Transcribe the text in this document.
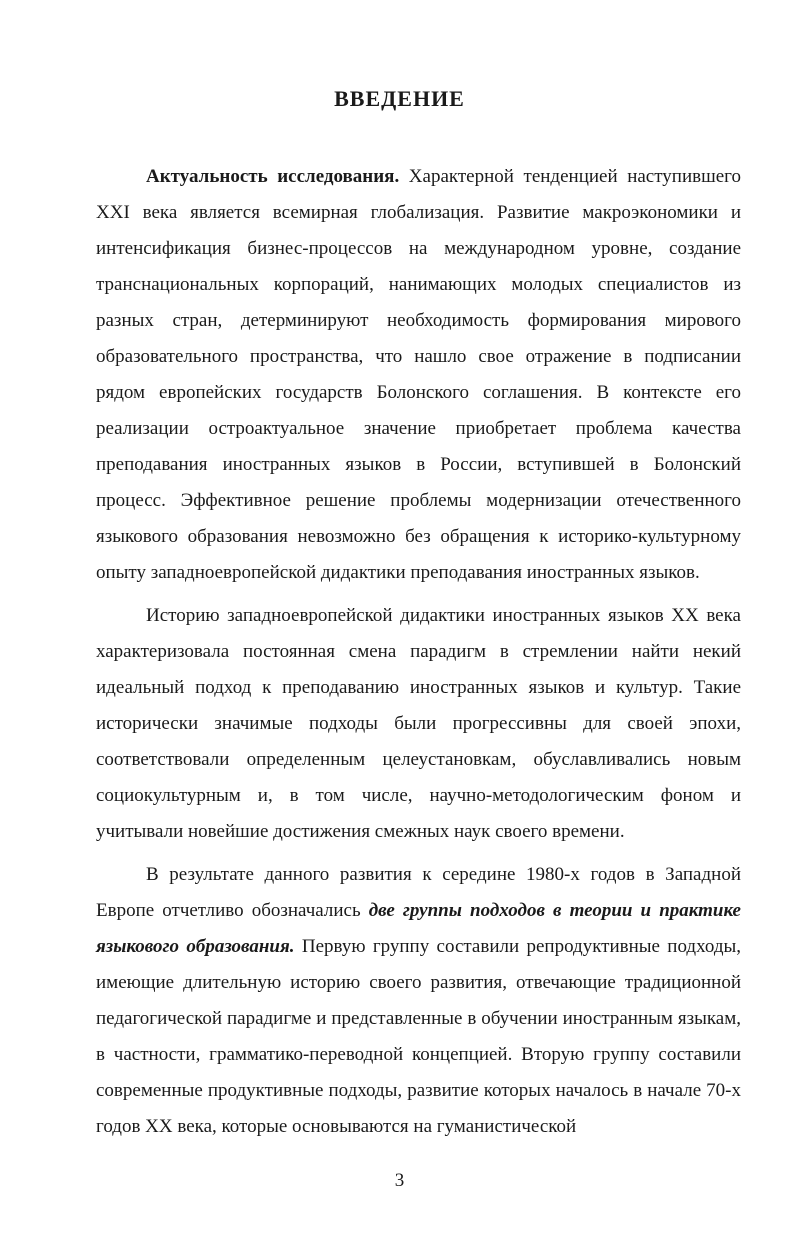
ВВЕДЕНИЕ

Актуальность исследования. Характерной тенденцией наступившего XXI века является всемирная глобализация. Развитие макроэкономики и интенсификация бизнес-процессов на международном уровне, создание транснациональных корпораций, нанимающих молодых специалистов из разных стран, детерминируют необходимость формирования мирового образовательного пространства, что нашло свое отражение в подписании рядом европейских государств Болонского соглашения. В контексте его реализации остроактуальное значение приобретает проблема качества преподавания иностранных языков в России, вступившей в Болонский процесс. Эффективное решение проблемы модернизации отечественного языкового образования невозможно без обращения к историко-культурному опыту западноевропейской дидактики преподавания иностранных языков.

Историю западноевропейской дидактики иностранных языков XX века характеризовала постоянная смена парадигм в стремлении найти некий идеальный подход к преподаванию иностранных языков и культур. Такие исторически значимые подходы были прогрессивны для своей эпохи, соответствовали определенным целеустановкам, обуславливались новым социокультурным и, в том числе, научно-методологическим фоном и учитывали новейшие достижения смежных наук своего времени.

В результате данного развития к середине 1980-х годов в Западной Европе отчетливо обозначались две группы подходов в теории и практике языкового образования. Первую группу составили репродуктивные подходы, имеющие длительную историю своего развития, отвечающие традиционной педагогической парадигме и представленные в обучении иностранным языкам, в частности, грамматико-переводной концепцией. Вторую группу составили современные продуктивные подходы, развитие которых началось в начале 70-х годов XX века, которые основываются на гуманистической

3
